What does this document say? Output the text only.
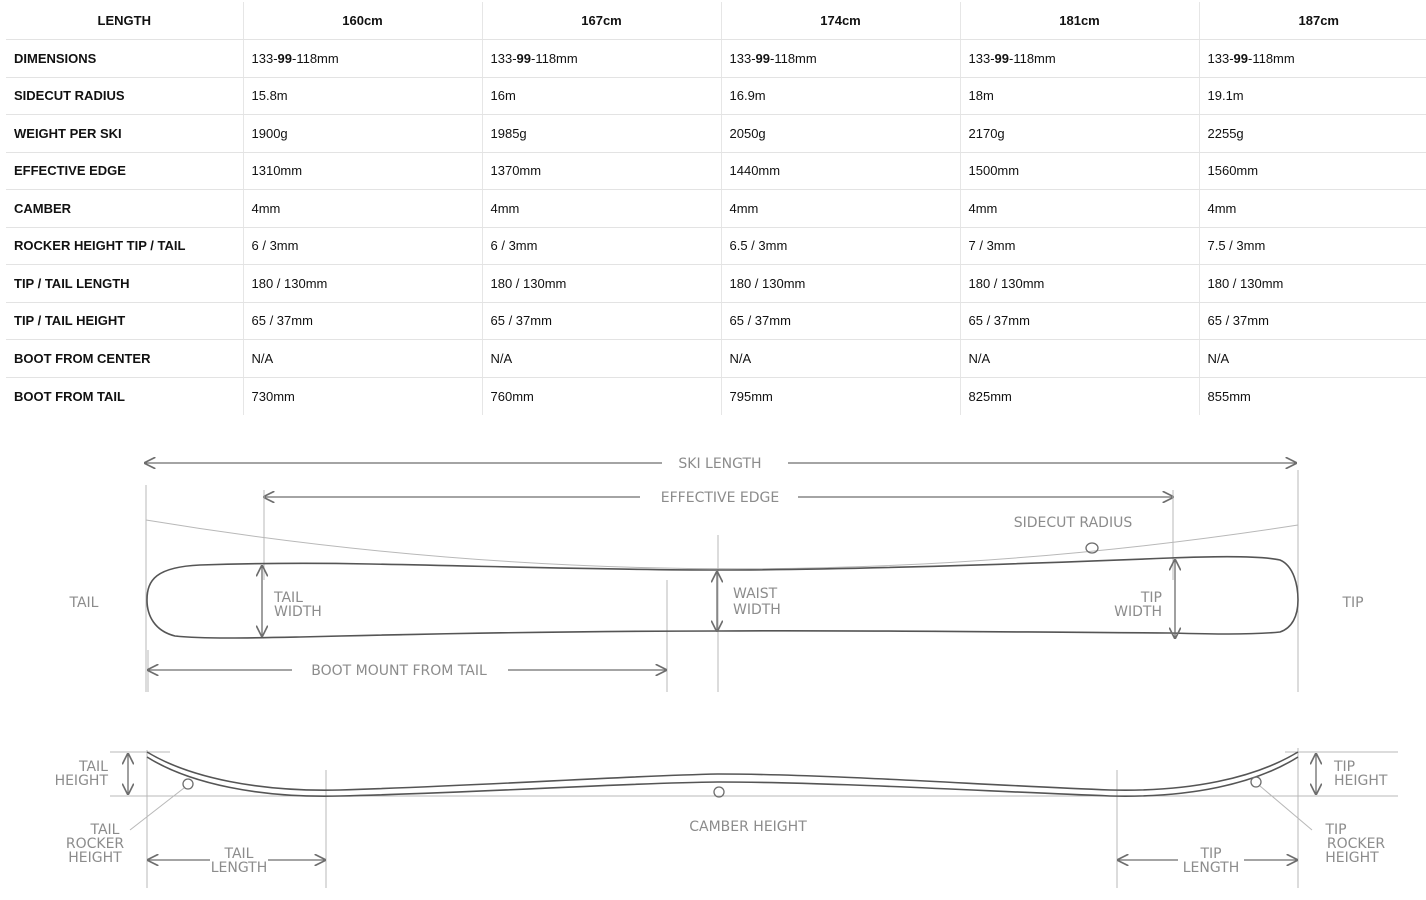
LENGTH	160cm	167cm	174cm	181cm	187cm
DIMENSIONS	133-99-118mm	133-99-118mm	133-99-118mm	133-99-118mm	133-99-118mm
SIDECUT RADIUS	15.8m	16m	16.9m	18m	19.1m
WEIGHT PER SKI	1900g	1985g	2050g	2170g	2255g
EFFECTIVE EDGE	1310mm	1370mm	1440mm	1500mm	1560mm
CAMBER	4mm	4mm	4mm	4mm	4mm
ROCKER HEIGHT TIP / TAIL	6 / 3mm	6 / 3mm	6.5 / 3mm	7 / 3mm	7.5 / 3mm
TIP / TAIL LENGTH	180 / 130mm	180 / 130mm	180 / 130mm	180 / 130mm	180 / 130mm
TIP / TAIL HEIGHT	65 / 37mm	65 / 37mm	65 / 37mm	65 / 37mm	65 / 37mm
BOOT FROM CENTER	N/A	N/A	N/A	N/A	N/A
BOOT FROM TAIL	730mm	760mm	795mm	825mm	855mm
SKI LENGTH
EFFECTIVE EDGE
SIDECUT RADIUS
TAIL	TIP
TAIL
WIDTH
WAIST
WIDTH
TIP
WIDTH
BOOT MOUNT FROM TAIL
TAIL
HEIGHT
TIP
HEIGHT
TAIL
ROCKER
HEIGHT
TIP
ROCKER
HEIGHT
CAMBER HEIGHT
TAIL
LENGTH
TIP
LENGTH
